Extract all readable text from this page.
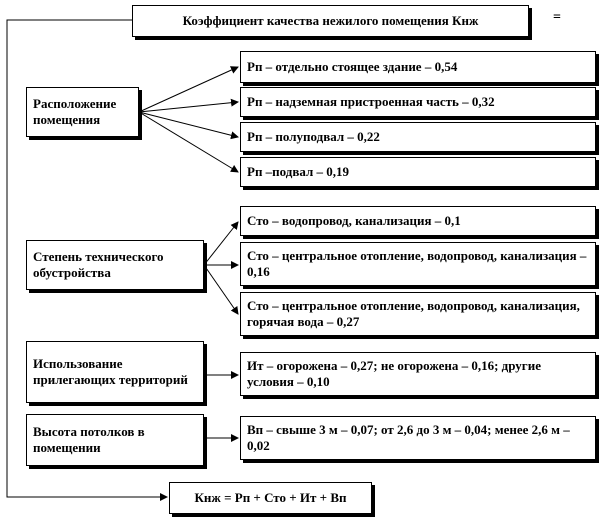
Коэффициент качества нежилого помещения Кнж	=
Расположение помещения
Рп – отдельно стоящее здание – 0,54
Рп – надземная пристроенная часть – 0,32
Рп – полуподвал – 0,22
Рп –подвал – 0,19
Степень технического обустройства
Сто – водопровод, канализация – 0,1
Сто – центральное отопление, водопровод, канализация – 0,16
Сто – центральное отопление, водопровод, канализация, горячая вода – 0,27
Использование прилегающих территорий
Ит – огорожена – 0,27; не огорожена – 0,16; другие условия – 0,10
Высота потолков в помещении
Вп – свыше 3 м – 0,07; от 2,6 до 3 м – 0,04; менее 2,6 м – 0,02
Кнж = Рп + Сто + Ит + Вп
